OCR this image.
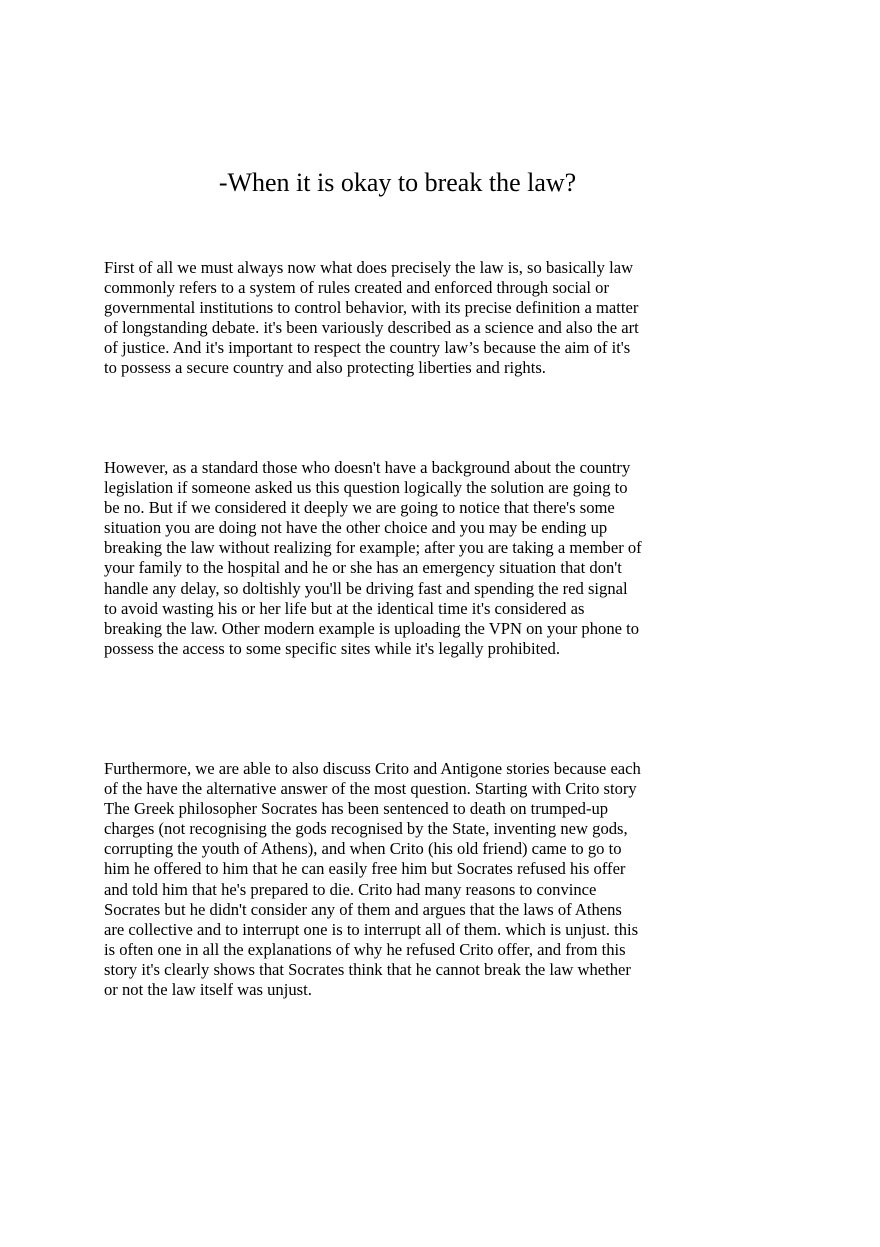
-When it is okay to break the law?

First of all we must always now what does precisely the law is, so basically law commonly refers to a system of rules created and enforced through social or governmental institutions to control behavior, with its precise definition a matter of longstanding debate. it's been variously described as a science and also the art of justice. And it's important to respect the country law’s because the aim of it's to possess a secure country and also protecting liberties and rights.

However, as a standard those who doesn't have a background about the country legislation if someone asked us this question logically the solution are going to be no. But if we considered it deeply we are going to notice that there's some situation you are doing not have the other choice and you may be ending up breaking the law without realizing for example; after you are taking a member of your family to the hospital and he or she has an emergency situation that don't handle any delay, so doltishly you'll be driving fast and spending the red signal to avoid wasting his or her life but at the identical time it's considered as breaking the law. Other modern example is uploading the VPN on your phone to possess the access to some specific sites while it's legally prohibited.

Furthermore, we are able to also discuss Crito and Antigone stories because each of the have the alternative answer of the most question. Starting with Crito story The Greek philosopher Socrates has been sentenced to death on trumped-up charges (not recognising the gods recognised by the State, inventing new gods, corrupting the youth of Athens), and when Crito (his old friend) came to go to him he offered to him that he can easily free him but Socrates refused his offer and told him that he's prepared to die. Crito had many reasons to convince Socrates but he didn't consider any of them and argues that the laws of Athens are collective and to interrupt one is to interrupt all of them. which is unjust. this is often one in all the explanations of why he refused Crito offer, and from this story it's clearly shows that Socrates think that he cannot break the law whether or not the law itself was unjust.
